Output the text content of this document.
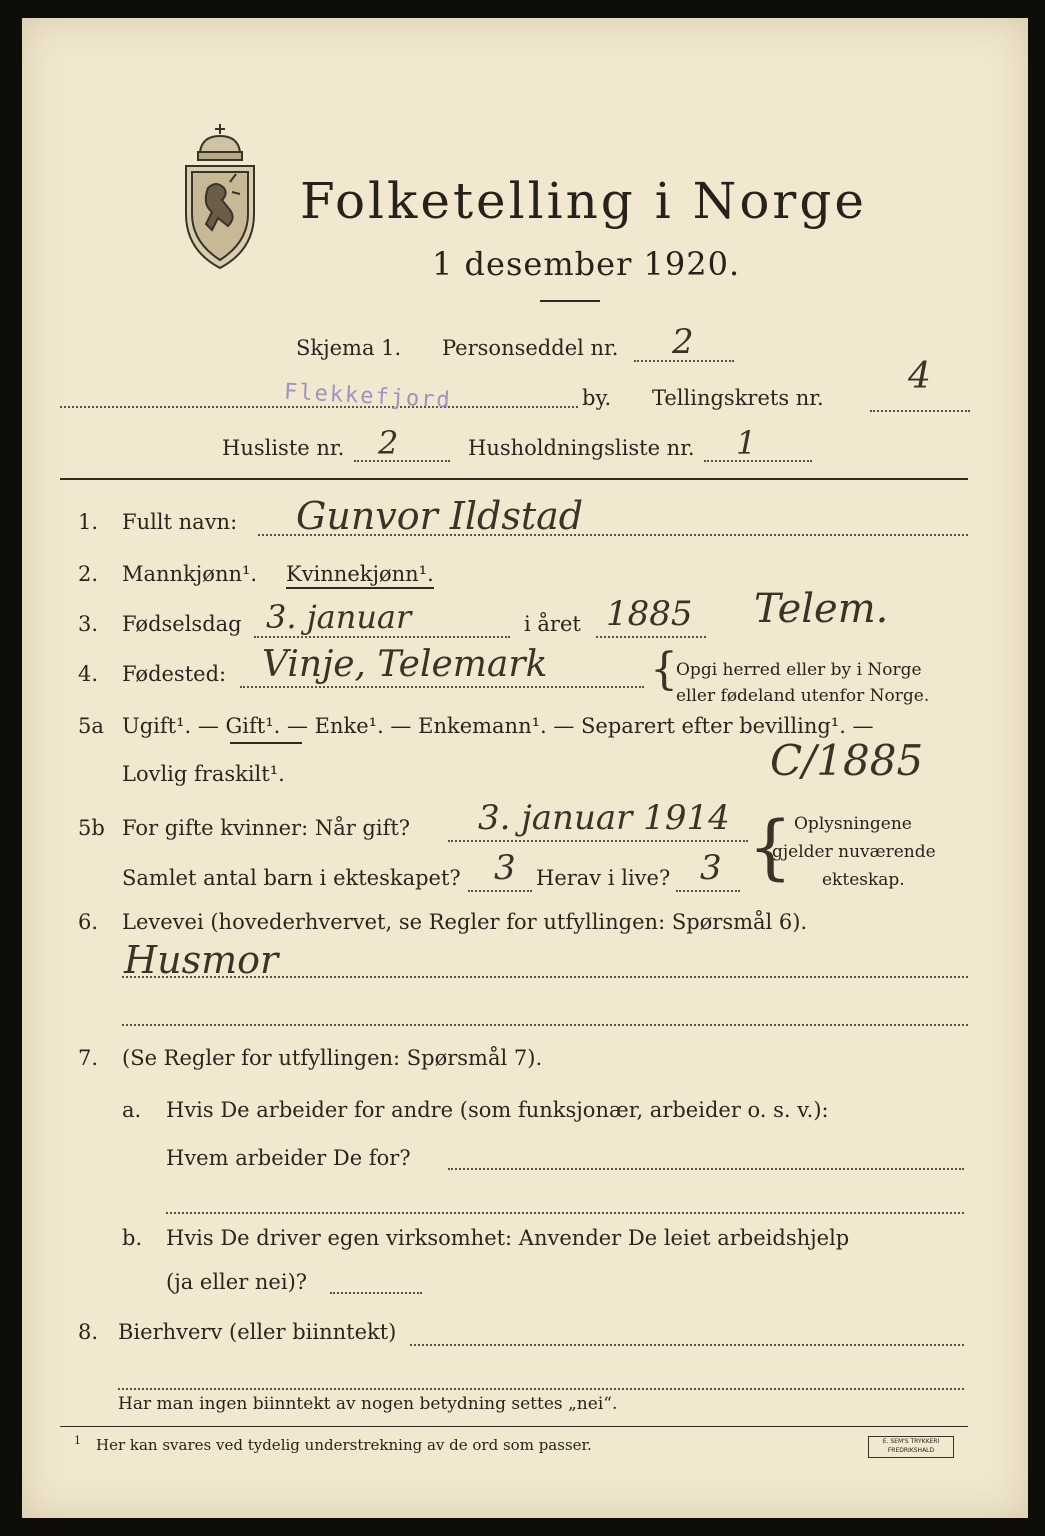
Folketelling i Norge
1 desember 1920.
Skjema 1. Personseddel nr. 2
Flekkefjord	by. Tellingskrets nr.
4
Husliste nr. 2	Husholdningsliste nr. 1
1. Fullt navn: Gunvor Ildstad
2. Mannkjønn¹. Kvinnekjønn¹.
3. Fødselsdag 3. januar	i året 1885 Telem.
4. Fødested: Vinje, Telemark {
Opgi herred eller by i Norge
eller fødeland utenfor Norge.
5a Ugift¹. — Gift¹. — Enke¹. — Enkemann¹. — Separert efter bevilling¹. —
Lovlig fraskilt¹.	C/1885
5b For gifte kvinner: Når gift? 3. januar 1914
Samlet antal barn i ekteskapet? 3 Herav i live? 3 { Oplysningene
gjelder nuværende
ekteskap.
6. Levevei (hovederhvervet, se Regler for utfyllingen: Spørsmål 6).
Husmor
7. (Se Regler for utfyllingen: Spørsmål 7).
a. Hvis De arbeider for andre (som funksjonær, arbeider o. s. v.):
Hvem arbeider De for?
b. Hvis De driver egen virksomhet: Anvender De leiet arbeidshjelp
(ja eller nei)?
8. Bierhverv (eller biinntekt)
Har man ingen biinntekt av nogen betydning settes „nei“.
1 Her kan svares ved tydelig understrekning av de ord som passer.	E. SEM'S TRYKKERI
FREDRIKSHALD
